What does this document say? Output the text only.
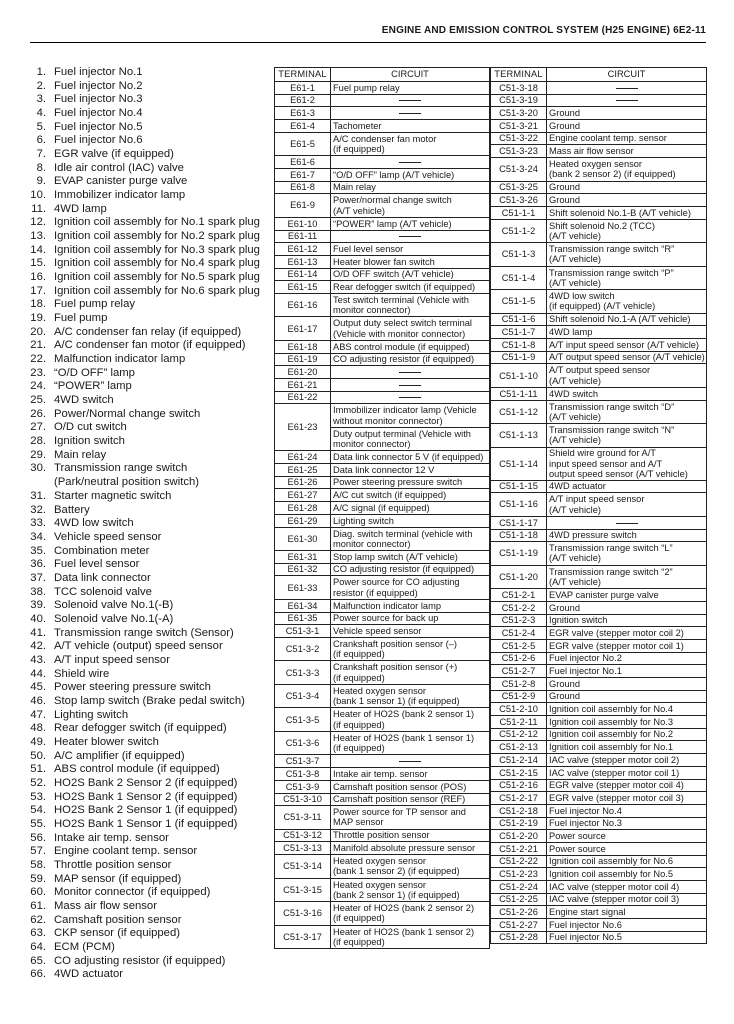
ENGINE AND EMISSION CONTROL SYSTEM (H25 ENGINE) 6E2-11
1. Fuel injector No.1
2. Fuel injector No.2
3. Fuel injector No.3
4. Fuel injector No.4
5. Fuel injector No.5
6. Fuel injector No.6
7. EGR valve (if equipped)
8. Idle air control (IAC) valve
9. EVAP canister purge valve
10. Immobilizer indicator lamp
11. 4WD lamp
12. Ignition coil assembly for No.1 spark plug
13. Ignition coil assembly for No.2 spark plug
14. Ignition coil assembly for No.3 spark plug
15. Ignition coil assembly for No.4 spark plug
16. Ignition coil assembly for No.5 spark plug
17. Ignition coil assembly for No.6 spark plug
18. Fuel pump relay
19. Fuel pump
20. A/C condenser fan relay (if equipped)
21. A/C condenser fan motor (if equipped)
22. Malfunction indicator lamp
23. “O/D OFF” lamp
24. “POWER” lamp
25. 4WD switch
26. Power/Normal change switch
27. O/D cut switch
28. Ignition switch
29. Main relay
30. Transmission range switch
(Park/neutral position switch)
31. Starter magnetic switch
32. Battery
33. 4WD low switch
34. Vehicle speed sensor
35. Combination meter
36. Fuel level sensor
37. Data link connector
38. TCC solenoid valve
39. Solenoid valve No.1(-B)
40. Solenoid valve No.1(-A)
41. Transmission range switch (Sensor)
42. A/T vehicle (output) speed sensor
43. A/T input speed sensor
44. Shield wire
45. Power steering pressure switch
46. Stop lamp switch (Brake pedal switch)
47. Lighting switch
48. Rear defogger switch (if equipped)
49. Heater blower switch
50. A/C amplifier (if equipped)
51. ABS control module (if equipped)
52. HO2S Bank 2 Sensor 2 (if equipped)
53. HO2S Bank 1 Sensor 2 (if equipped)
54. HO2S Bank 2 Sensor 1 (if equipped)
55. HO2S Bank 1 Sensor 1 (if equipped)
56. Intake air temp. sensor
57. Engine coolant temp. sensor
58. Throttle position sensor
59. MAP sensor (if equipped)
60. Monitor connector (if equipped)
61. Mass air flow sensor
62. Camshaft position sensor
63. CKP sensor (if equipped)
64. ECM (PCM)
65. CO adjusting resistor (if equipped)
66. 4WD actuator
TERMINAL	CIRCUIT
E61-1	Fuel pump relay
E61-2	
E61-3	
E61-4	Tachometer
E61-5	A/C condenser fan motor
(if equipped)
E61-6	
E61-7	“O/D OFF” lamp (A/T vehicle)
E61-8	Main relay
E61-9	Power/normal change switch
(A/T vehicle)
E61-10	“POWER” lamp (A/T vehicle)
E61-11	
E61-12	Fuel level sensor
E61-13	Heater blower fan switch
E61-14	O/D OFF switch (A/T vehicle)
E61-15	Rear defogger switch (if equipped)
E61-16	Test switch terminal (Vehicle with
monitor connector)
E61-17	Output duty select switch terminal
(Vehicle with monitor connector)
E61-18	ABS control module (if equipped)
E61-19	CO adjusting resistor (if equipped)
E61-20	
E61-21	
E61-22	
E61-23	Immobilizer indicator lamp (Vehicle
without monitor connector)
	Duty output terminal (Vehicle with
monitor connector)
E61-24	Data link connector 5 V (if equipped)
E61-25	Data link connector 12 V
E61-26	Power steering pressure switch
E61-27	A/C cut switch (if equipped)
E61-28	A/C signal (if equipped)
E61-29	Lighting switch
E61-30	Diag. switch terminal (vehicle with
monitor connector)
E61-31	Stop lamp switch (A/T vehicle)
E61-32	CO adjusting resistor (if equipped)
E61-33	Power source for CO adjusting
resistor (if equipped)
E61-34	Malfunction indicator lamp
E61-35	Power source for back up
C51-3-1	Vehicle speed sensor
C51-3-2	Crankshaft position sensor (–)
(if equipped)
C51-3-3	Crankshaft position sensor (+)
(if equipped)
C51-3-4	Heated oxygen sensor
(bank 1 sensor 1) (if equipped)
C51-3-5	Heater of HO2S (bank 2 sensor 1)
(if equipped)
C51-3-6	Heater of HO2S (bank 1 sensor 1)
(if equipped)
C51-3-7	
C51-3-8	Intake air temp. sensor
C51-3-9	Camshaft position sensor (POS)
C51-3-10	Camshaft position sensor (REF)
C51-3-11	Power source for TP sensor and
MAP sensor
C51-3-12	Throttle position sensor
C51-3-13	Manifold absolute pressure sensor
C51-3-14	Heated oxygen sensor
(bank 1 sensor 2) (if equipped)
C51-3-15	Heated oxygen sensor
(bank 2 sensor 1) (if equipped)
C51-3-16	Heater of HO2S (bank 2 sensor 2)
(if equipped)
C51-3-17	Heater of HO2S (bank 1 sensor 2)
(if equipped)
TERMINAL	CIRCUIT
C51-3-18	
C51-3-19	
C51-3-20	Ground
C51-3-21	Ground
C51-3-22	Engine coolant temp. sensor
C51-3-23	Mass air flow sensor
C51-3-24	Heated oxygen sensor
(bank 2 sensor 2) (if equipped)
C51-3-25	Ground
C51-3-26	Ground
C51-1-1	Shift solenoid No.1-B (A/T vehicle)
C51-1-2	Shift solenoid No.2 (TCC)
(A/T vehicle)
C51-1-3	Transmission range switch “R”
(A/T vehicle)
C51-1-4	Transmission range switch “P”
(A/T vehicle)
C51-1-5	4WD low switch
(if equipped) (A/T vehicle)
C51-1-6	Shift solenoid No.1-A (A/T vehicle)
C51-1-7	4WD lamp
C51-1-8	A/T input speed sensor (A/T vehicle)
C51-1-9	A/T output speed sensor (A/T vehicle)
C51-1-10	A/T output speed sensor
(A/T vehicle)
C51-1-11	4WD switch
C51-1-12	Transmission range switch “D”
(A/T vehicle)
C51-1-13	Transmission range switch “N”
(A/T vehicle)
C51-1-14	Shield wire ground for A/T
input speed sensor and A/T
output speed sensor (A/T vehicle)
C51-1-15	4WD actuator
C51-1-16	A/T input speed sensor
(A/T vehicle)
C51-1-17	
C51-1-18	4WD pressure switch
C51-1-19	Transmission range switch “L”
(A/T vehicle)
C51-1-20	Transmission range switch “2”
(A/T vehicle)
C51-2-1	EVAP canister purge valve
C51-2-2	Ground
C51-2-3	Ignition switch
C51-2-4	EGR valve (stepper motor coil 2)
C51-2-5	EGR valve (stepper motor coil 1)
C51-2-6	Fuel injector No.2
C51-2-7	Fuel injector No.1
C51-2-8	Ground
C51-2-9	Ground
C51-2-10	Ignition coil assembly for No.4
C51-2-11	Ignition coil assembly for No.3
C51-2-12	Ignition coil assembly for No.2
C51-2-13	Ignition coil assembly for No.1
C51-2-14	IAC valve (stepper motor coil 2)
C51-2-15	IAC valve (stepper motor coil 1)
C51-2-16	EGR valve (stepper motor coil 4)
C51-2-17	EGR valve (stepper motor coil 3)
C51-2-18	Fuel injector No.4
C51-2-19	Fuel injector No.3
C51-2-20	Power source
C51-2-21	Power source
C51-2-22	Ignition coil assembly for No.6
C51-2-23	Ignition coil assembly for No.5
C51-2-24	IAC valve (stepper motor coil 4)
C51-2-25	IAC valve (stepper motor coil 3)
C51-2-26	Engine start signal
C51-2-27	Fuel injector No.6
C51-2-28	Fuel injector No.5
